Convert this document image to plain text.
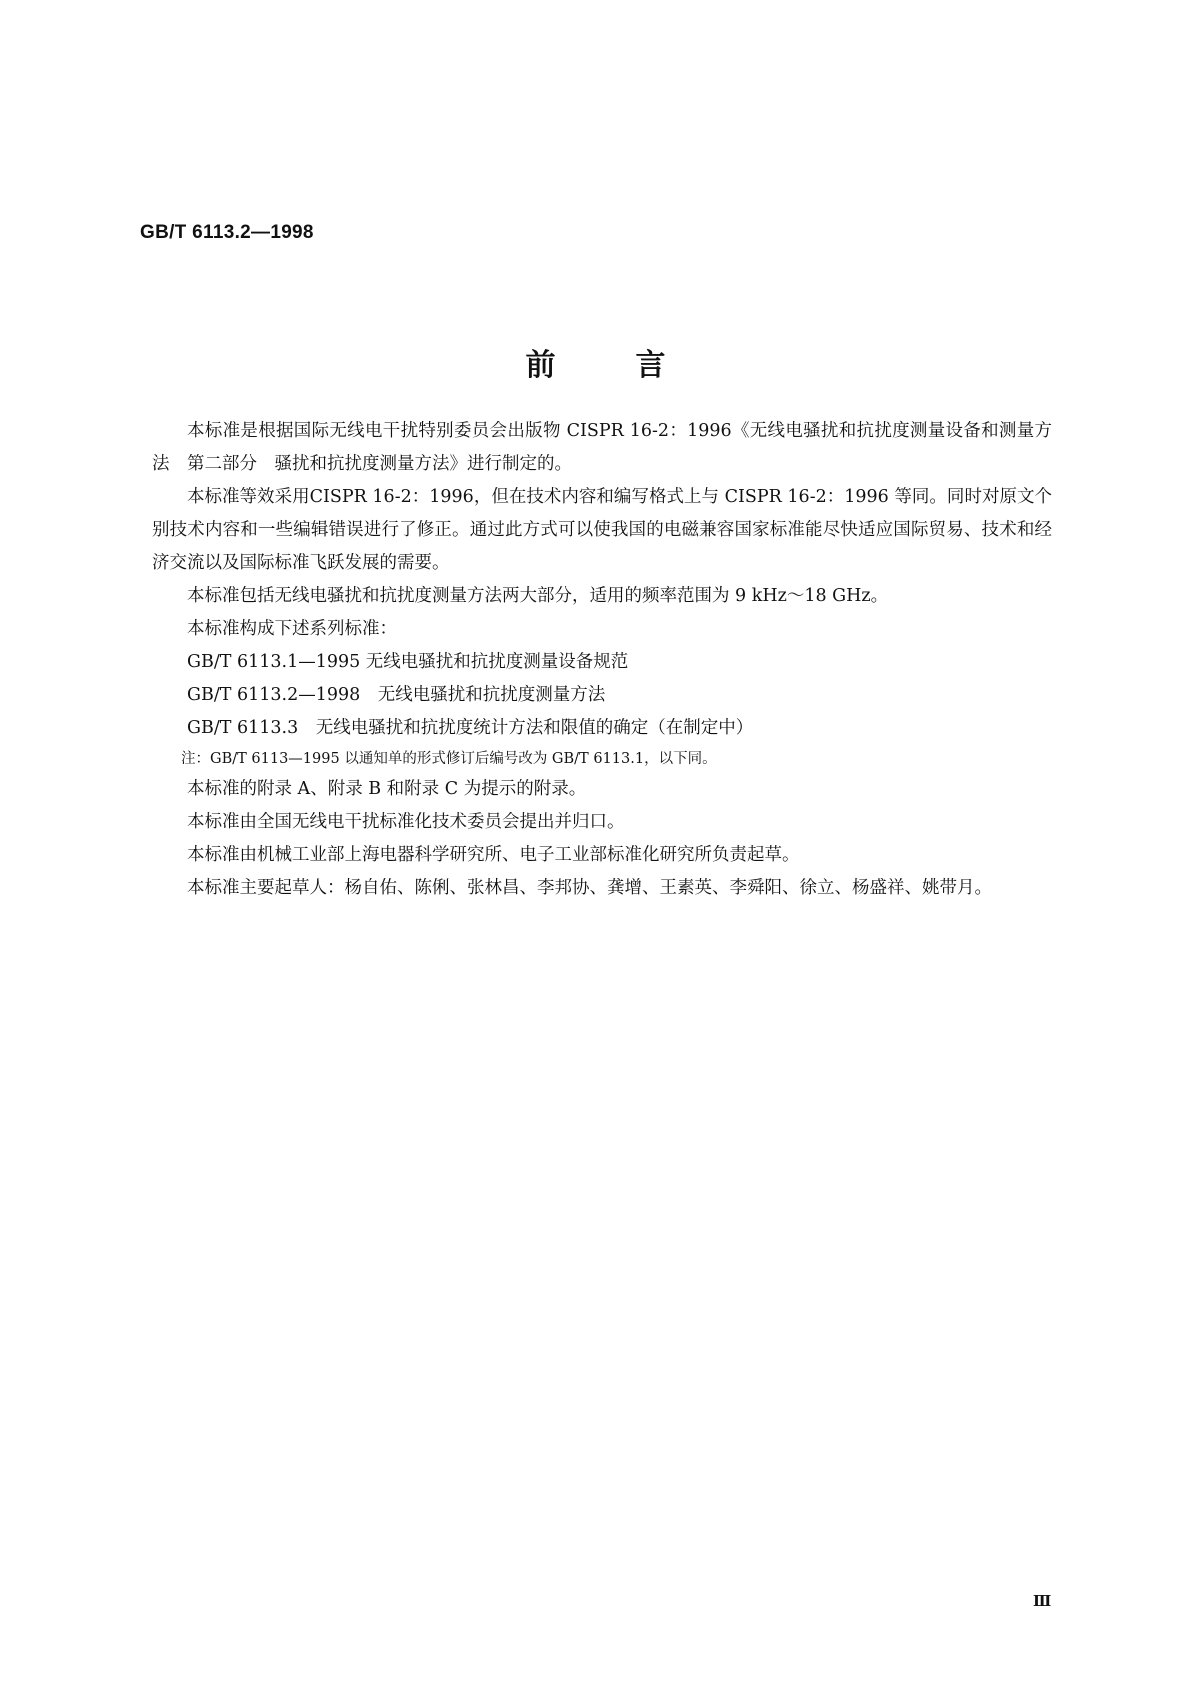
GB/T 6113.2—1998
前	言

本标准是根据国际无线电干扰特别委员会出版物 CISPR 16-2：1996《无线电骚扰和抗扰度测量设备和测量方法　第二部分　骚扰和抗扰度测量方法》进行制定的。

本标准等效采用CISPR 16-2：1996，但在技术内容和编写格式上与 CISPR 16-2：1996 等同。同时对原文个别技术内容和一些编辑错误进行了修正。通过此方式可以使我国的电磁兼容国家标准能尽快适应国际贸易、技术和经济交流以及国际标准飞跃发展的需要。

本标准包括无线电骚扰和抗扰度测量方法两大部分，适用的频率范围为 9 kHz～18 GHz。

本标准构成下述系列标准：

GB/T 6113.1—1995 无线电骚扰和抗扰度测量设备规范

GB/T 6113.2—1998　无线电骚扰和抗扰度测量方法

GB/T 6113.3　无线电骚扰和抗扰度统计方法和限值的确定（在制定中）

注：GB/T 6113—1995 以通知单的形式修订后编号改为 GB/T 6113.1，以下同。

本标准的附录 A、附录 B 和附录 C 为提示的附录。

本标准由全国无线电干扰标准化技术委员会提出并归口。

本标准由机械工业部上海电器科学研究所、电子工业部标准化研究所负责起草。

本标准主要起草人：杨自佑、陈俐、张林昌、李邦协、龚增、王素英、李舜阳、徐立、杨盛祥、姚带月。

Ⅲ
